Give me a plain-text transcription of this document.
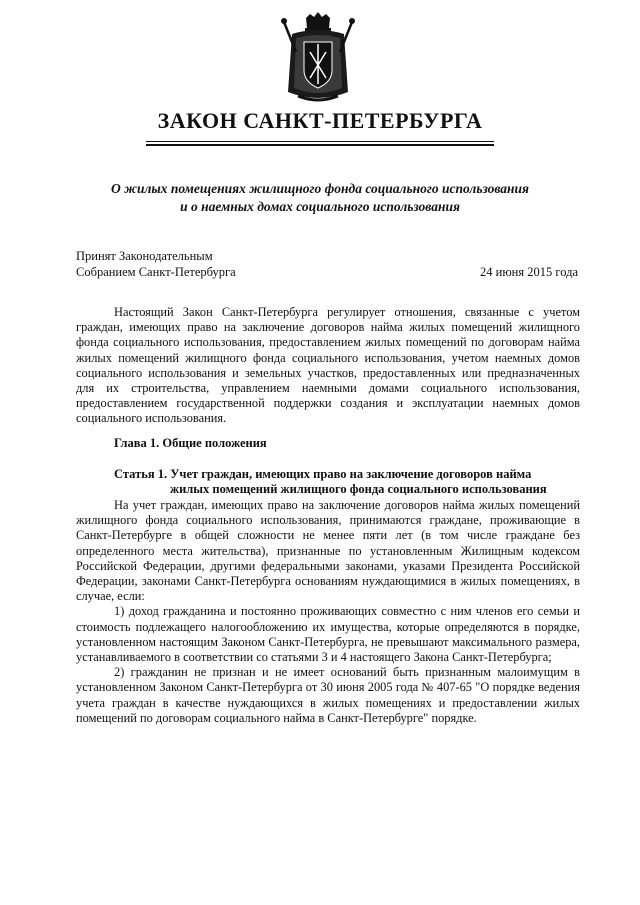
ЗАКОН САНКТ-ПЕТЕРБУРГА
О жилых помещениях жилищного фонда социального использования
и о наемных домах социального использования
Принят Законодательным
Собранием Санкт-Петербурга	24 июня 2015 года

Настоящий Закон Санкт-Петербурга регулирует отношения, связанные с учетом граждан, имеющих право на заключение договоров найма жилых помещений жилищного фонда социального использования, предоставлением жилых помещений по договорам найма жилых помещений жилищного фонда социального использования, учетом наемных домов социального использования и земельных участков, предоставленных или предназначенных для их строительства, управлением наемными домами социального использования, предоставлением государственной поддержки создания и эксплуатации наемных домов социального использования.

Глава 1. Общие положения
Статья 1. Учет граждан, имеющих право на заключение договоров найма
жилых помещений жилищного фонда социального использования

На учет граждан, имеющих право на заключение договоров найма жилых помещений жилищного фонда социального использования, принимаются граждане, проживающие в Санкт-Петербурге в общей сложности не менее пяти лет (в том числе граждане без определенного места жительства), признанные по установленным Жилищным кодексом Российской Федерации, другими федеральными законами, указами Президента Российской Федерации, законами Санкт-Петербурга основаниям нуждающимися в жилых помещениях, в случае, если:

1) доход гражданина и постоянно проживающих совместно с ним членов его семьи и стоимость подлежащего налогообложению их имущества, которые определяются в порядке, установленном настоящим Законом Санкт-Петербурга, не превышают максимального размера, устанавливаемого в соответствии со статьями 3 и 4 настоящего Закона Санкт-Петербурга;

2) гражданин не признан и не имеет оснований быть признанным малоимущим в установленном Законом Санкт-Петербурга от 30 июня 2005 года № 407-65 "О порядке ведения учета граждан в качестве нуждающихся в жилых помещениях и предоставлении жилых помещений по договорам социального найма в Санкт-Петербурге" порядке.
